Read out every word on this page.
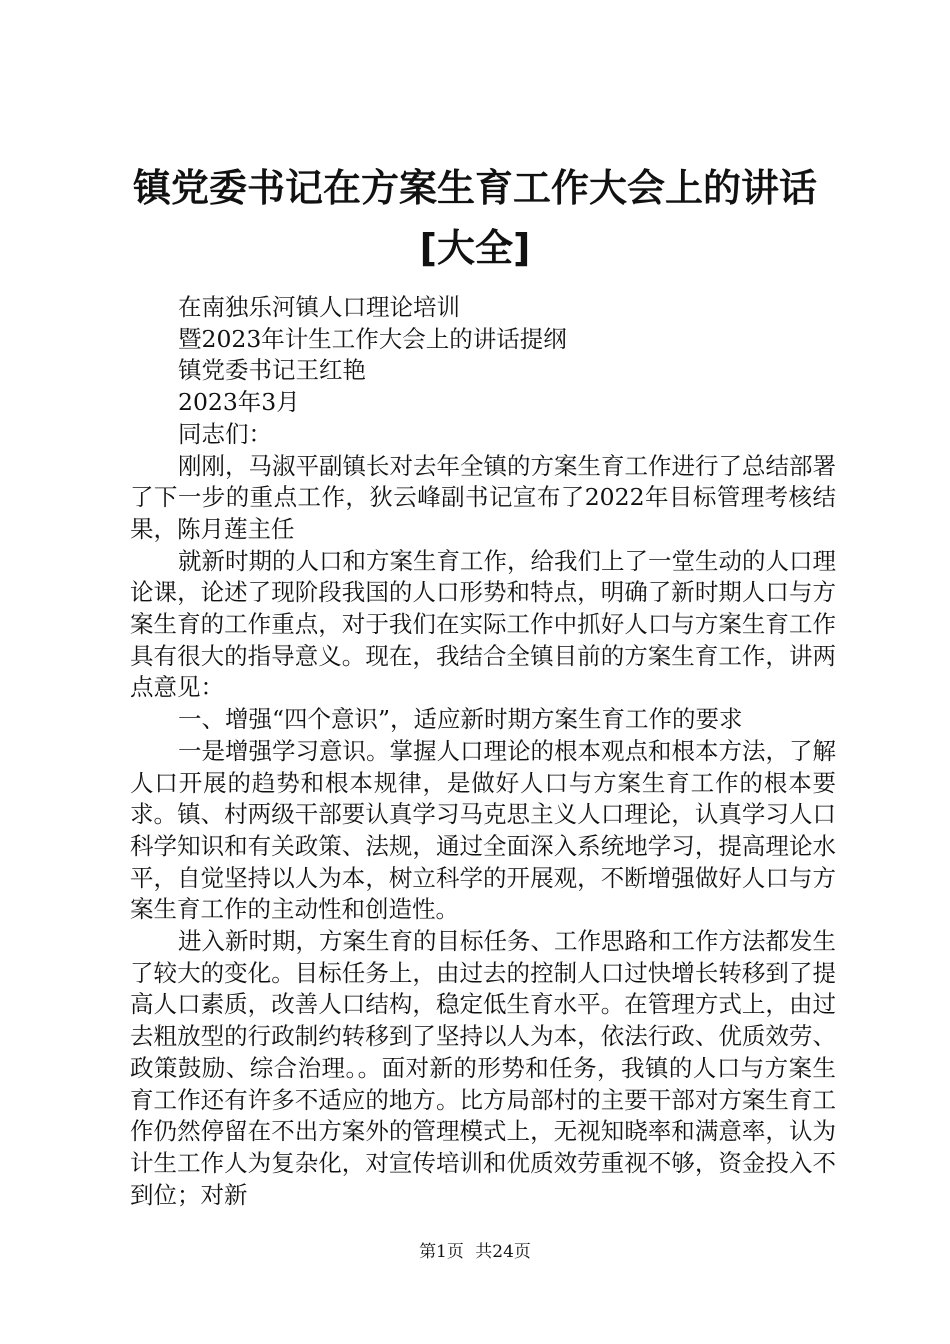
镇党委书记在方案生育工作大会上的讲话[大全]

在南独乐河镇人口理论培训

暨2023年计生工作大会上的讲话提纲

镇党委书记王红艳

2023年3月

同志们：

刚刚，马淑平副镇长对去年全镇的方案生育工作进行了总结部署了下一步的重点工作，狄云峰副书记宣布了2022年目标管理考核结果，陈月莲主任

就新时期的人口和方案生育工作，给我们上了一堂生动的人口理论课，论述了现阶段我国的人口形势和特点，明确了新时期人口与方案生育的工作重点，对于我们在实际工作中抓好人口与方案生育工作具有很大的指导意义。现在，我结合全镇目前的方案生育工作，讲两点意见：

一、增强“四个意识”，适应新时期方案生育工作的要求

一是增强学习意识。掌握人口理论的根本观点和根本方法，了解人口开展的趋势和根本规律，是做好人口与方案生育工作的根本要求。镇、村两级干部要认真学习马克思主义人口理论，认真学习人口科学知识和有关政策、法规，通过全面深入系统地学习，提高理论水平，自觉坚持以人为本，树立科学的开展观，不断增强做好人口与方案生育工作的主动性和创造性。

进入新时期，方案生育的目标任务、工作思路和工作方法都发生了较大的变化。目标任务上，由过去的控制人口过快增长转移到了提高人口素质，改善人口结构，稳定低生育水平。在管理方式上，由过去粗放型的行政制约转移到了坚持以人为本，依法行政、优质效劳、政策鼓励、综合治理。。面对新的形势和任务，我镇的人口与方案生育工作还有许多不适应的地方。比方局部村的主要干部对方案生育工作仍然停留在不出方案外的管理模式上，无视知晓率和满意率，认为计生工作人为复杂化，对宣传培训和优质效劳重视不够，资金投入不到位；对新

第1页 共24页
